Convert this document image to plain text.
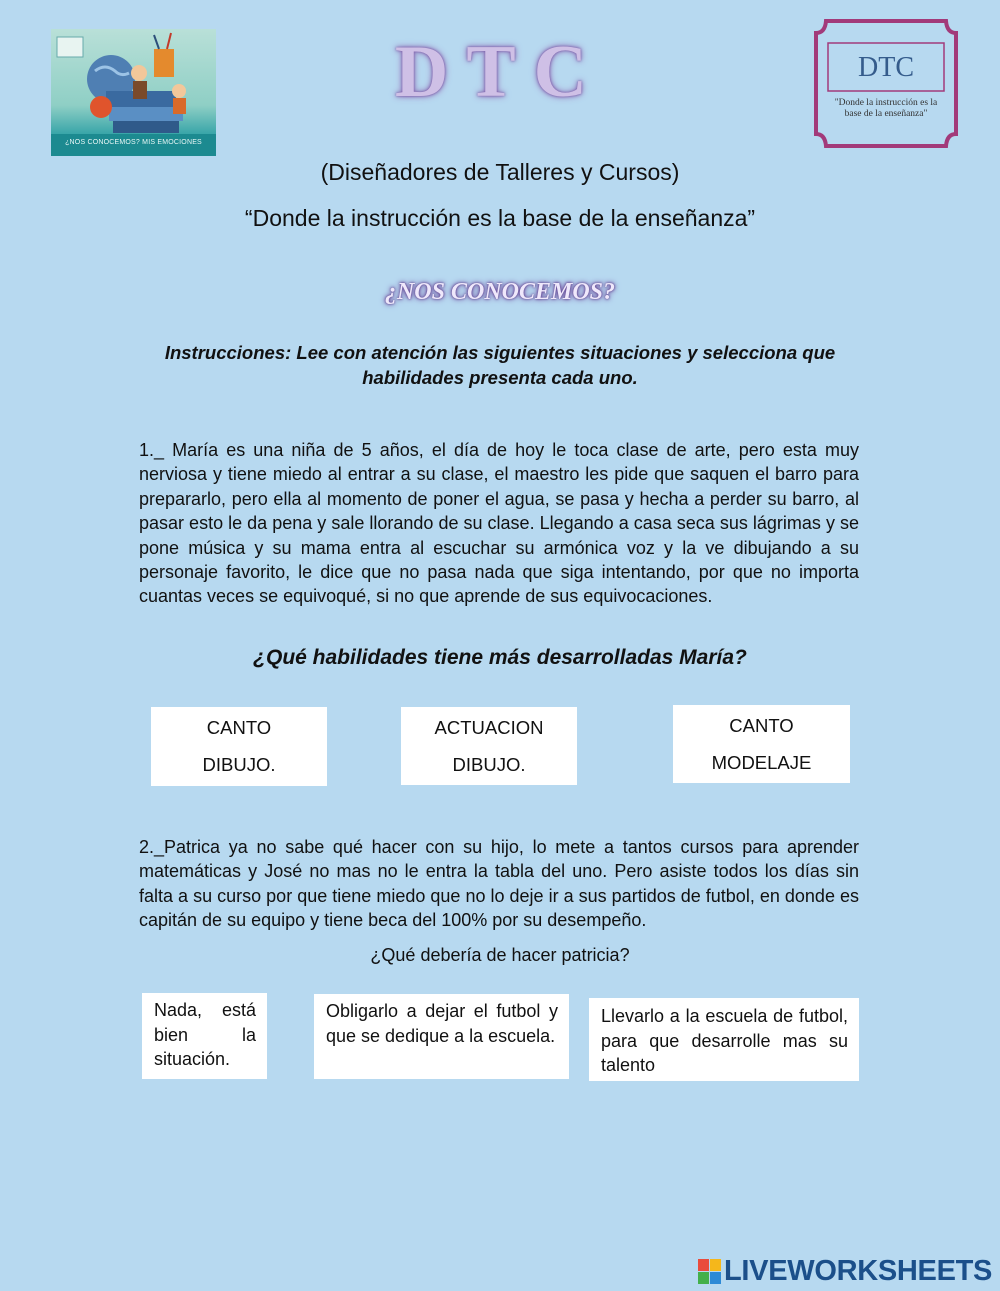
¿NOS CONOCEMOS? MIS EMOCIONES
DTC	DTC
"Donde la instrucción es la base de la enseñanza"
(Diseñadores de Talleres y Cursos)
“Donde la instrucción es la base de la enseñanza”
¿NOS CONOCEMOS?
Instrucciones: Lee con atención las siguientes situaciones y selecciona que habilidades presenta cada uno.
1._ María es una niña de 5 años, el día de hoy le toca clase de arte, pero esta muy nerviosa y tiene miedo al entrar a su clase, el maestro les pide que saquen el barro para prepararlo, pero ella al momento de poner el agua, se pasa y hecha a perder su barro, al pasar esto le da pena y sale llorando de su clase. Llegando a casa seca sus lágrimas y se pone música y su mama entra al escuchar su armónica voz y la ve dibujando a su personaje favorito, le dice que no pasa nada que siga intentando, por que no importa cuantas veces se equivoqué, si no que aprende de sus equivocaciones.
¿Qué habilidades tiene más desarrolladas María?
CANTO
DIBUJO.
ACTUACION
DIBUJO.
CANTO
MODELAJE
2._Patrica ya no sabe qué hacer con su hijo, lo mete a tantos cursos para aprender matemáticas y José no mas no le entra la tabla del uno. Pero asiste todos los días sin falta a su curso por que tiene miedo que no lo deje ir a sus partidos de futbol, en donde es capitán de su equipo y tiene beca del 100% por su desempeño.
¿Qué debería de hacer patricia?
Nada, está bien la situación.
Obligarlo a dejar el futbol y que se dedique a la escuela.
Llevarlo a la escuela de futbol, para que desarrolle mas su talento
LIVEWORKSHEETS
